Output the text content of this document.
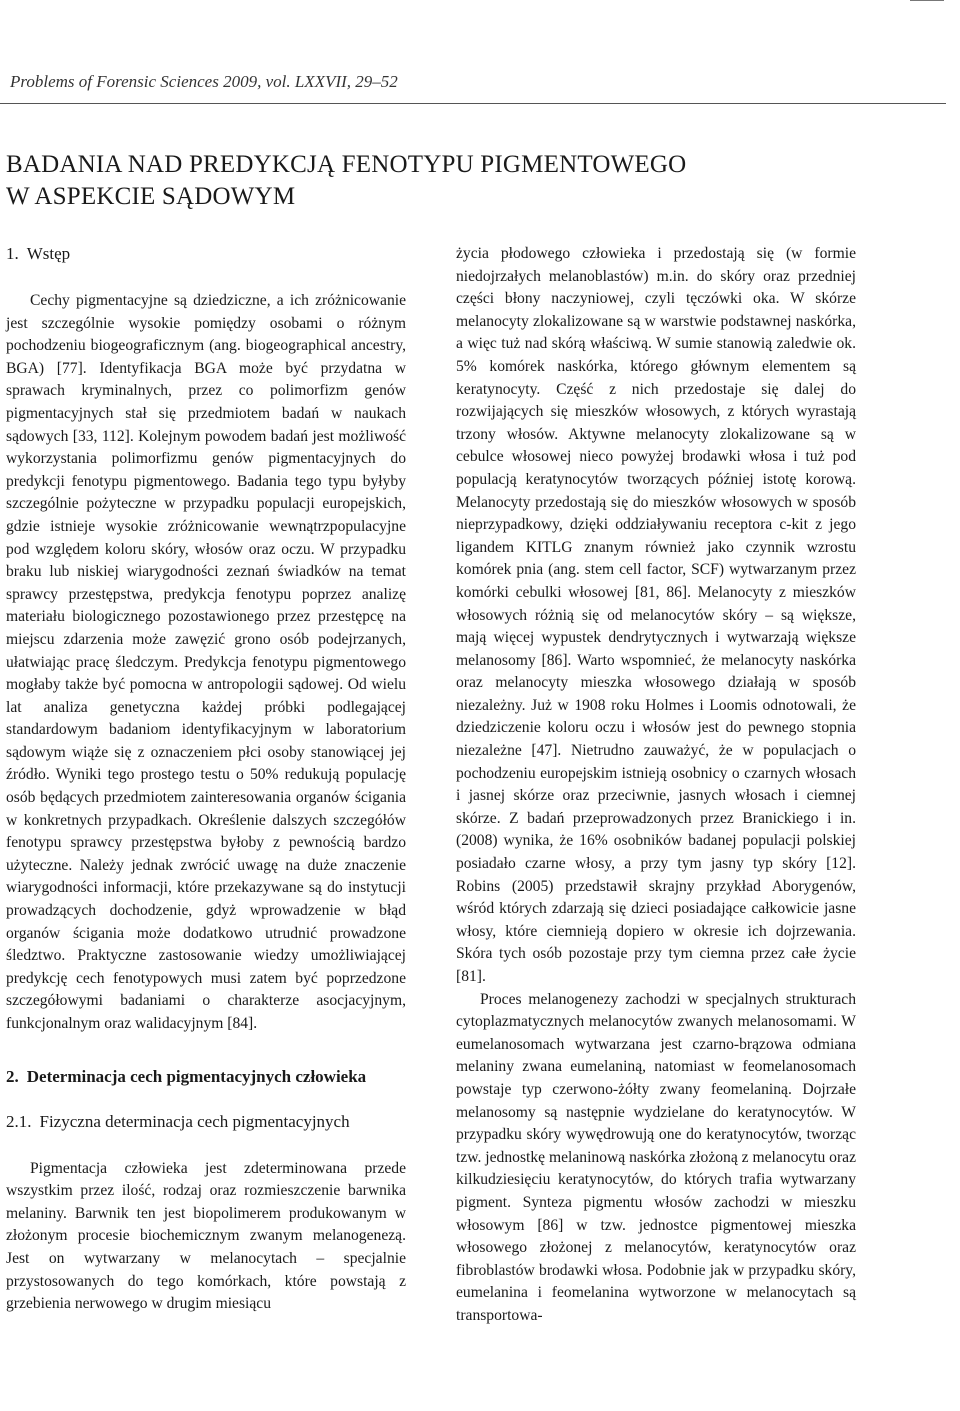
Problems of Forensic Sciences 2009, vol. LXXVII, 29–52
BADANIA NAD PREDYKCJĄ FENOTYPU PIGMENTOWEGO
W ASPEKCIE SĄDOWYM
1. Wstęp

Cechy pigmentacyjne są dziedziczne, a ich zróżnicowanie jest szczególnie wysokie pomiędzy osobami o różnym pochodzeniu biogeograficznym (ang. biogeographical ancestry, BGA) [77]. Identyfikacja BGA może być przydatna w sprawach kryminalnych, przez co polimorfizm genów pigmentacyjnych stał się przedmiotem badań w naukach sądowych [33, 112]. Kolejnym powodem badań jest możliwość wykorzystania polimorfizmu genów pigmentacyjnych do predykcji fenotypu pigmentowego. Badania tego typu byłyby szczególnie pożyteczne w przypadku populacji europejskich, gdzie istnieje wysokie zróżnicowanie wewnątrzpopulacyjne pod względem koloru skóry, włosów oraz oczu. W przypadku braku lub niskiej wiarygodności zeznań świadków na temat sprawcy przestępstwa, predykcja fenotypu poprzez analizę materiału biologicznego pozostawionego przez przestępcę na miejscu zdarzenia może zawęzić grono osób podejrzanych, ułatwiając pracę śledczym. Predykcja fenotypu pigmentowego mogłaby także być pomocna w antropologii sądowej. Od wielu lat analiza genetyczna każdej próbki podlegającej standardowym badaniom identyfikacyjnym w laboratorium sądowym wiąże się z oznaczeniem płci osoby stanowiącej jej źródło. Wyniki tego prostego testu o 50% redukują populację osób będących przedmiotem zainteresowania organów ścigania w konkretnych przypadkach. Określenie dalszych szczegółów fenotypu sprawcy przestępstwa byłoby z pewnością bardzo użyteczne. Należy jednak zwrócić uwagę na duże znaczenie wiarygodności informacji, które przekazywane są do instytucji prowadzących dochodzenie, gdyż wprowadzenie w błąd organów ścigania może dodatkowo utrudnić prowadzone śledztwo. Praktyczne zastosowanie wiedzy umożliwiającej predykcję cech fenotypowych musi zatem być poprzedzone szczegółowymi badaniami o charakterze asocjacyjnym, funkcjonalnym oraz walidacyjnym [84].

2. Determinacja cech pigmentacyjnych człowieka
2.1. Fizyczna determinacja cech pigmentacyjnych

Pigmentacja człowieka jest zdeterminowana przede wszystkim przez ilość, rodzaj oraz rozmieszczenie barwnika melaniny. Barwnik ten jest biopolimerem produkowanym w złożonym procesie biochemicznym zwanym melanogenezą. Jest on wytwarzany w melanocytach – specjalnie przystosowanych do tego komórkach, które powstają z grzebienia nerwowego w drugim miesiącu

życia płodowego człowieka i przedostają się (w formie niedojrzałych melanoblastów) m.in. do skóry oraz przedniej części błony naczyniowej, czyli tęczówki oka. W skórze melanocyty zlokalizowane są w warstwie podstawnej naskórka, a więc tuż nad skórą właściwą. W sumie stanowią zaledwie ok. 5% komórek naskórka, którego głównym elementem są keratynocyty. Część z nich przedostaje się dalej do rozwijających się mieszków włosowych, z których wyrastają trzony włosów. Aktywne melanocyty zlokalizowane są w cebulce włosowej nieco powyżej brodawki włosa i tuż pod populacją keratynocytów tworzących później istotę korową. Melanocyty przedostają się do mieszków włosowych w sposób nieprzypadkowy, dzięki oddziaływaniu receptora c-kit z jego ligandem KITLG znanym również jako czynnik wzrostu komórek pnia (ang. stem cell factor, SCF) wytwarzanym przez komórki cebulki włosowej [81, 86]. Melanocyty z mieszków włosowych różnią się od melanocytów skóry – są większe, mają więcej wypustek dendrytycznych i wytwarzają większe melanosomy [86]. Warto wspomnieć, że melanocyty naskórka oraz melanocyty mieszka włosowego działają w sposób niezależny. Już w 1908 roku Holmes i Loomis odnotowali, że dziedziczenie koloru oczu i włosów jest do pewnego stopnia niezależne [47]. Nietrudno zauważyć, że w populacjach o pochodzeniu europejskim istnieją osobnicy o czarnych włosach i jasnej skórze oraz przeciwnie, jasnych włosach i ciemnej skórze. Z badań przeprowadzonych przez Branickiego i in. (2008) wynika, że 16% osobników badanej populacji polskiej posiadało czarne włosy, a przy tym jasny typ skóry [12]. Robins (2005) przedstawił skrajny przykład Aborygenów, wśród których zdarzają się dzieci posiadające całkowicie jasne włosy, które ciemnieją dopiero w okresie ich dojrzewania. Skóra tych osób pozostaje przy tym ciemna przez całe życie [81].

Proces melanogenezy zachodzi w specjalnych strukturach cytoplazmatycznych melanocytów zwanych melanosomami. W eumelanosomach wytwarzana jest czarno-brązowa odmiana melaniny zwana eumelaniną, natomiast w feomelanosomach powstaje typ czerwono-żółty zwany feomelaniną. Dojrzałe melanosomy są następnie wydzielane do keratynocytów. W przypadku skóry wywędrowują one do keratynocytów, tworząc tzw. jednostkę melaninową naskórka złożoną z melanocytu oraz kilkudziesięciu keratynocytów, do których trafia wytwarzany pigment. Synteza pigmentu włosów zachodzi w mieszku włosowym [86] w tzw. jednostce pigmentowej mieszka włosowego złożonej z melanocytów, keratynocytów oraz fibroblastów brodawki włosa. Podobnie jak w przypadku skóry, eumelanina i feomelanina wytworzone w melanocytach są transportowa-
